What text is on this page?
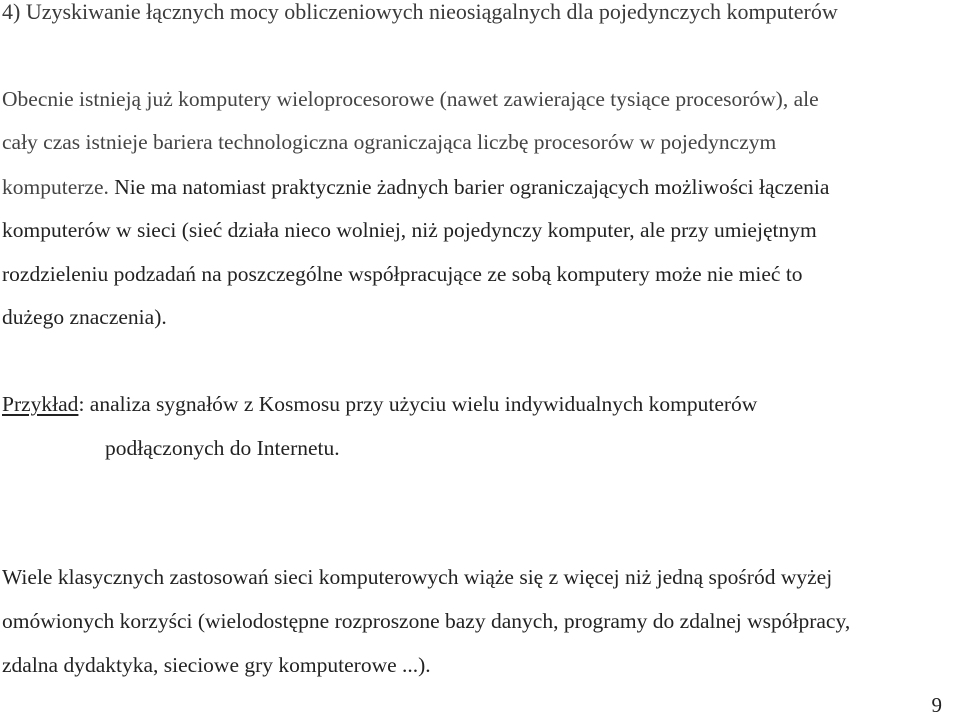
4) Uzyskiwanie łącznych mocy obliczeniowych nieosiągalnych dla pojedynczych komputerów
Obecnie istnieją już komputery wieloprocesorowe (nawet zawierające tysiące procesorów), ale
cały czas istnieje bariera technologiczna ograniczająca liczbę procesorów w pojedynczym
komputerze. Nie ma natomiast praktycznie żadnych barier ograniczających możliwości łączenia
komputerów w sieci (sieć działa nieco wolniej, niż pojedynczy komputer, ale przy umiejętnym
rozdzieleniu podzadań na poszczególne współpracujące ze sobą komputery może nie mieć to
dużego znaczenia).
Przykład: analiza sygnałów z Kosmosu przy użyciu wielu indywidualnych komputerów
podłączonych do Internetu.
Wiele klasycznych zastosowań sieci komputerowych wiąże się z więcej niż jedną spośród wyżej
omówionych korzyści (wielodostępne rozproszone bazy danych, programy do zdalnej współpracy,
zdalna dydaktyka, sieciowe gry komputerowe ...).
9
